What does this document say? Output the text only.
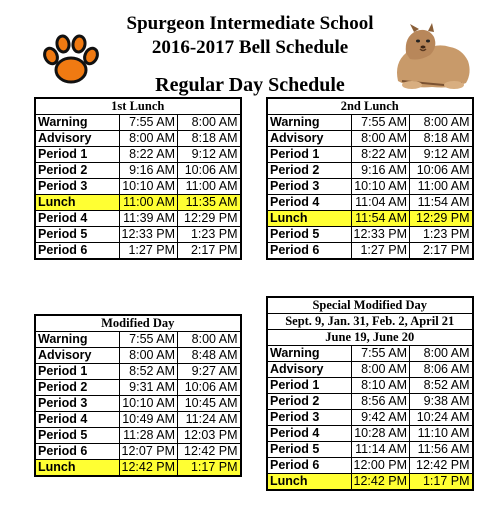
Spurgeon Intermediate School
2016-2017 Bell Schedule
Regular Day Schedule
1st Lunch		
Warning	7:55 AM	8:00 AM
Advisory	8:00 AM	8:18 AM
Period 1	8:22 AM	9:12 AM
Period 2	9:16 AM	10:06 AM
Period 3	10:10 AM	11:00 AM
Lunch	11:00 AM	11:35 AM
Period 4	11:39 AM	12:29 PM
Period 5	12:33 PM	1:23 PM
Period 6	1:27 PM	2:17 PM
2nd Lunch		
Warning	7:55 AM	8:00 AM
Advisory	8:00 AM	8:18 AM
Period 1	8:22 AM	9:12 AM
Period 2	9:16 AM	10:06 AM
Period 3	10:10 AM	11:00 AM
Period 4	11:04 AM	11:54 AM
Lunch	11:54 AM	12:29 PM
Period 5	12:33 PM	1:23 PM
Period 6	1:27 PM	2:17 PM
Modified Day		
Warning	7:55 AM	8:00 AM
Advisory	8:00 AM	8:48 AM
Period 1	8:52 AM	9:27 AM
Period 2	9:31 AM	10:06 AM
Period 3	10:10 AM	10:45 AM
Period 4	10:49 AM	11:24 AM
Period 5	11:28 AM	12:03 PM
Period 6	12:07 PM	12:42 PM
Lunch	12:42 PM	1:17 PM
Special Modified Day		
Sept. 9, Jan. 31, Feb. 2, April 21		
June 19, June 20		
Warning	7:55 AM	8:00 AM
Advisory	8:00 AM	8:06 AM
Period 1	8:10 AM	8:52 AM
Period 2	8:56 AM	9:38 AM
Period 3	9:42 AM	10:24 AM
Period 4	10:28 AM	11:10 AM
Period 5	11:14 AM	11:56 AM
Period 6	12:00 PM	12:42 PM
Lunch	12:42 PM	1:17 PM
